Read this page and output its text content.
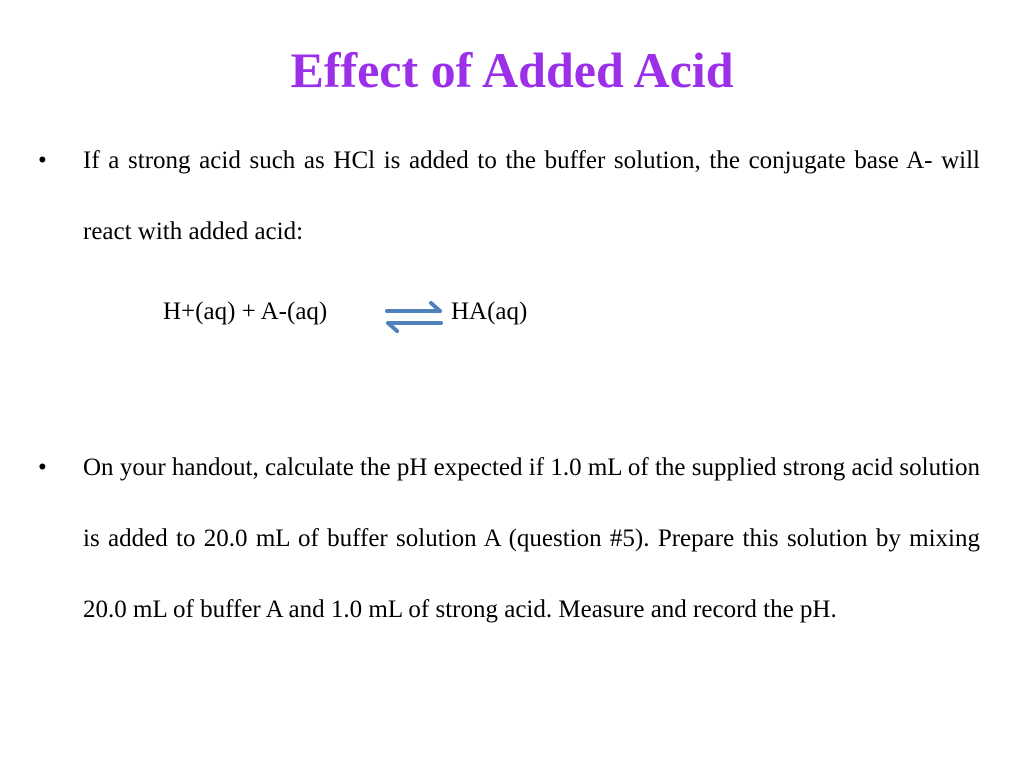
Effect of Added Acid
• If a strong acid such as HCl is added to the buffer solution, the conjugate base A- will react with added acid:
H+(aq) + A-(aq)	⇌ HA(aq)
• On your handout, calculate the pH expected if 1.0 mL of the supplied strong acid solution is added to 20.0 mL of buffer solution A (question #5). Prepare this solution by mixing 20.0 mL of buffer A and 1.0 mL of strong acid. Measure and record the pH.
